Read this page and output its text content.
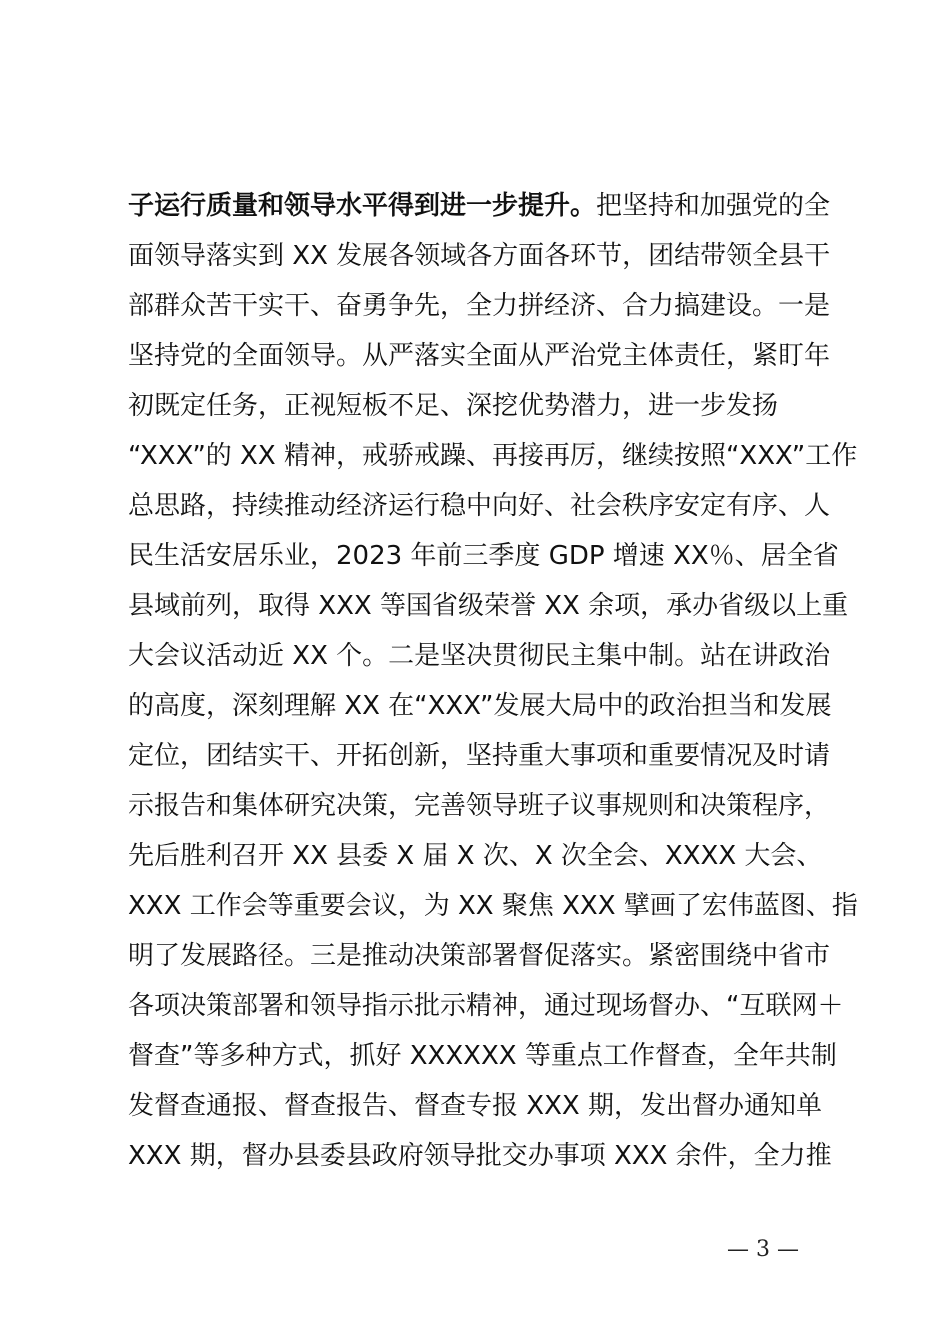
子运行质量和领导水平得到进一步提升。把坚持和加强党的全
面领导落实到 XX 发展各领域各方面各环节，团结带领全县干
部群众苦干实干、奋勇争先，全力拼经济、合力搞建设。一是
坚持党的全面领导。从严落实全面从严治党主体责任，紧盯年
初既定任务，正视短板不足、深挖优势潜力，进一步发扬
“XXX”的 XX 精神，戒骄戒躁、再接再厉，继续按照“XXX”工作
总思路，持续推动经济运行稳中向好、社会秩序安定有序、人
民生活安居乐业，2023 年前三季度 GDP 增速 XX％、居全省
县域前列，取得 XXX 等国省级荣誉 XX 余项，承办省级以上重
大会议活动近 XX 个。二是坚决贯彻民主集中制。站在讲政治
的高度，深刻理解 XX 在“XXX”发展大局中的政治担当和发展
定位，团结实干、开拓创新，坚持重大事项和重要情况及时请
示报告和集体研究决策，完善领导班子议事规则和决策程序，
先后胜利召开 XX 县委 X 届 X 次、X 次全会、XXXX 大会、
XXX 工作会等重要会议，为 XX 聚焦 XXX 擘画了宏伟蓝图、指
明了发展路径。三是推动决策部署督促落实。紧密围绕中省市
各项决策部署和领导指示批示精神，通过现场督办、“互联网＋
督查”等多种方式，抓好 XXXXXX 等重点工作督查，全年共制
发督查通报、督查报告、督查专报 XXX 期，发出督办通知单
XXX 期，督办县委县政府领导批交办事项 XXX 余件，全力推
— 3 —
